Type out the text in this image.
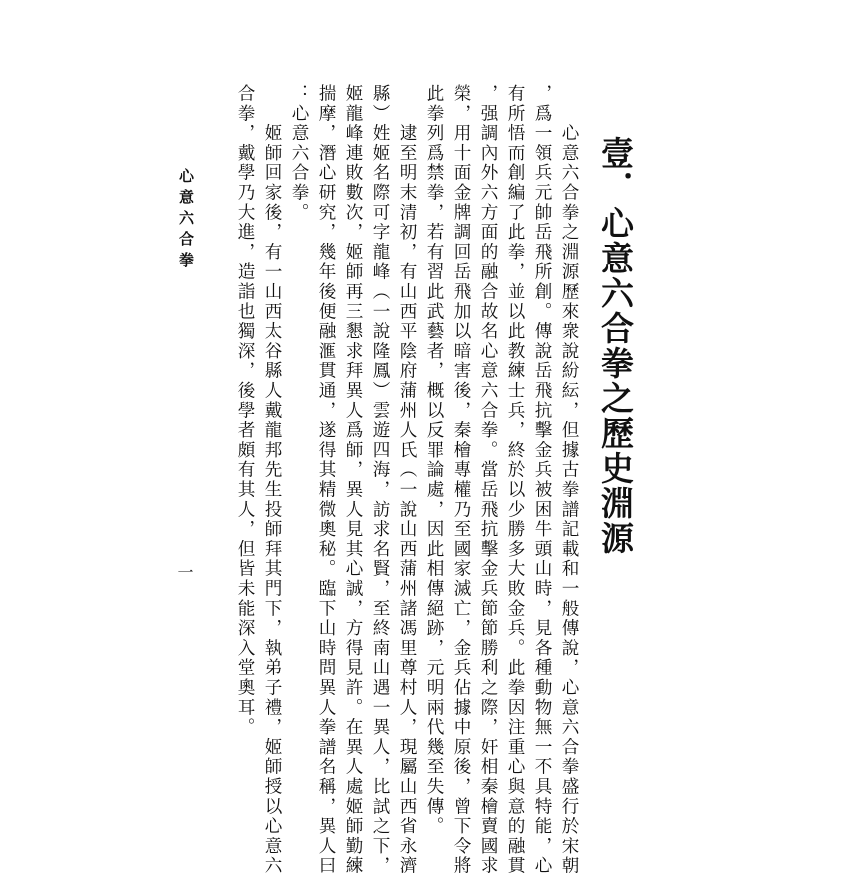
壹．心意六合拳之歷史淵源
　　心意六合拳之淵源歷來衆說紛紜，但據古拳譜記載和一般傳說，心意六合拳盛行於宋朝
，爲一領兵元帥岳飛所創。傳說岳飛抗擊金兵被困牛頭山時，見各種動物無一不具特能，心
有所悟而創編了此拳，並以此教練士兵，終於以少勝多大敗金兵。此拳因注重心與意的融貫
，强調內外六方面的融合故名心意六合拳。當岳飛抗擊金兵節節勝利之際，奸相秦檜賣國求
榮，用十面金牌調回岳飛加以暗害後，秦檜專權乃至國家滅亡，金兵佔據中原後，曾下令將
此拳列爲禁拳，若有習此武藝者，概以反罪論處，因此相傳絕跡，元明兩代幾至失傳。
　　逮至明末清初，有山西平陰府蒲州人氏（一說山西蒲州諸馮里尊村人，現屬山西省永濟
縣）姓姬名際可字龍峰（一說隆鳳）雲遊四海，訪求名賢，至終南山遇一異人，比試之下，
姬龍峰連敗數次，姬師再三懇求拜異人爲師，異人見其心誠，方得見許。在異人處姬師勤練
揣摩，潛心研究，幾年後便融滙貫通，遂得其精微奧秘。臨下山時問異人拳譜名稱，異人曰
：心意六合拳。
　　姬師回家後，有一山西太谷縣人戴龍邦先生投師拜其門下，執弟子禮，姬師授以心意六
合拳，戴學乃大進，造詣也獨深，後學者頗有其人，但皆未能深入堂奧耳。
心意六合拳
一
